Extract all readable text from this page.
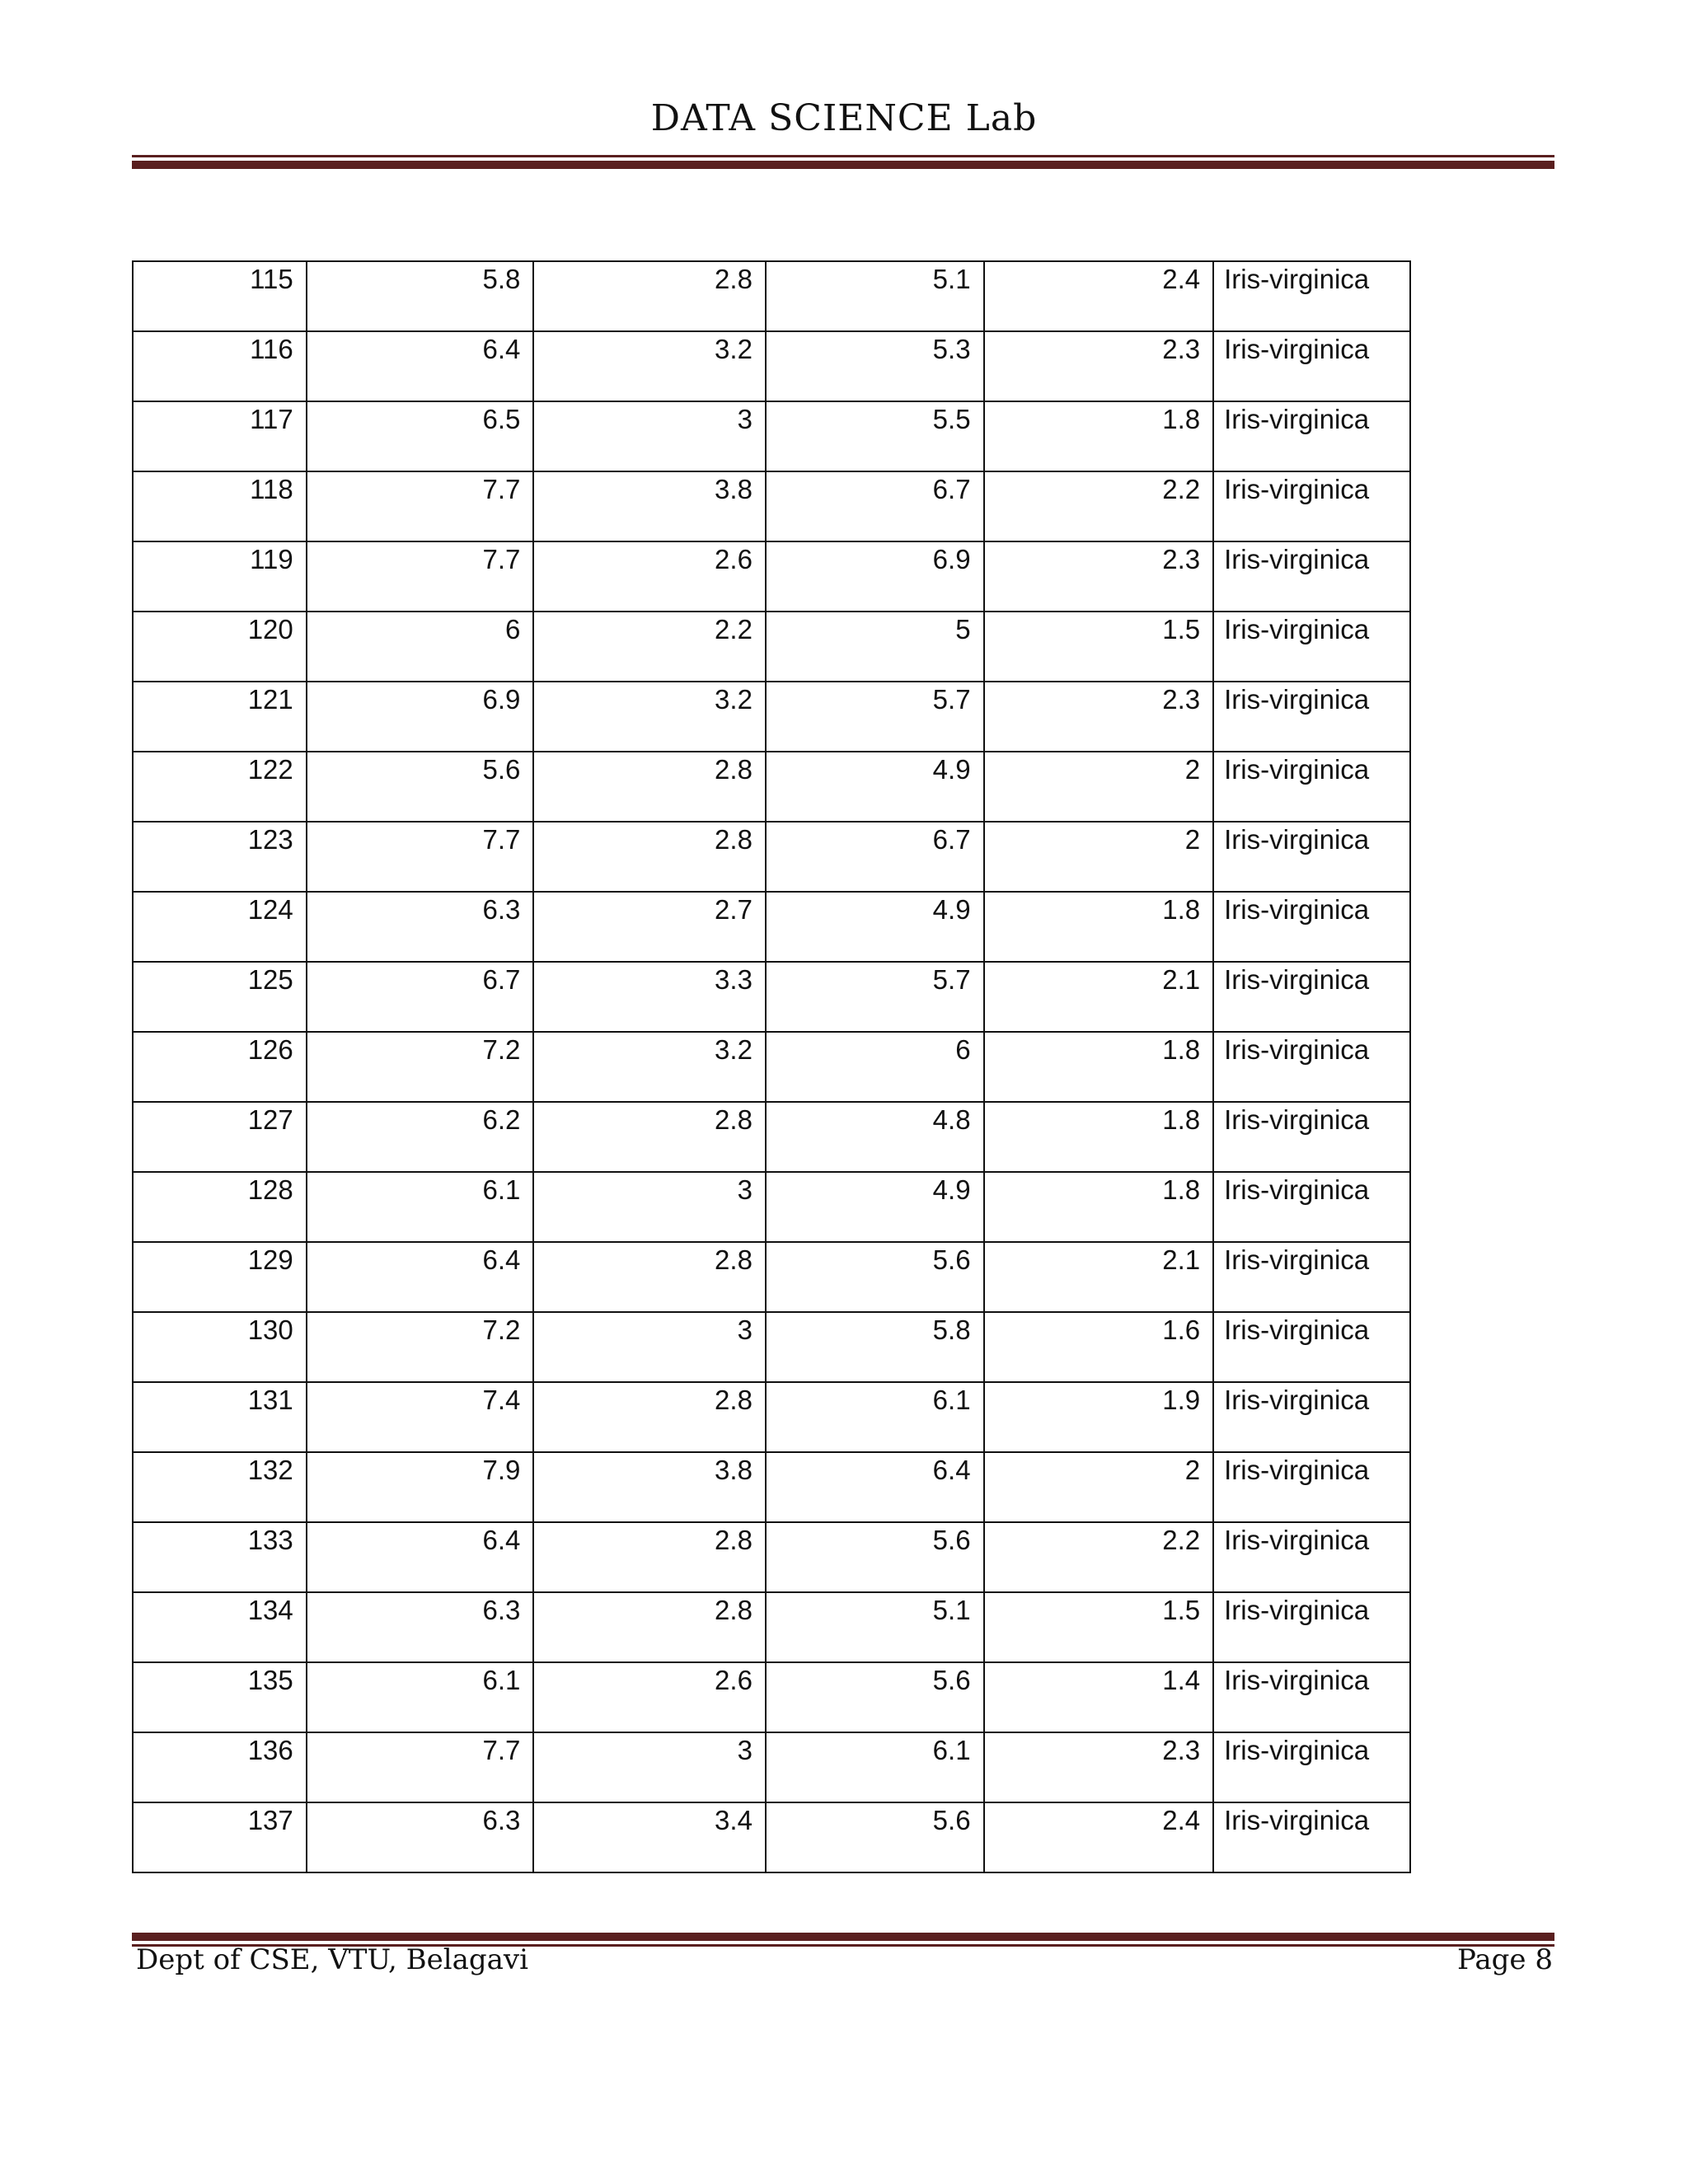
DATA SCIENCE Lab
115	5.8	2.8	5.1	2.4	Iris-virginica
116	6.4	3.2	5.3	2.3	Iris-virginica
117	6.5	3	5.5	1.8	Iris-virginica
118	7.7	3.8	6.7	2.2	Iris-virginica
119	7.7	2.6	6.9	2.3	Iris-virginica
120	6	2.2	5	1.5	Iris-virginica
121	6.9	3.2	5.7	2.3	Iris-virginica
122	5.6	2.8	4.9	2	Iris-virginica
123	7.7	2.8	6.7	2	Iris-virginica
124	6.3	2.7	4.9	1.8	Iris-virginica
125	6.7	3.3	5.7	2.1	Iris-virginica
126	7.2	3.2	6	1.8	Iris-virginica
127	6.2	2.8	4.8	1.8	Iris-virginica
128	6.1	3	4.9	1.8	Iris-virginica
129	6.4	2.8	5.6	2.1	Iris-virginica
130	7.2	3	5.8	1.6	Iris-virginica
131	7.4	2.8	6.1	1.9	Iris-virginica
132	7.9	3.8	6.4	2	Iris-virginica
133	6.4	2.8	5.6	2.2	Iris-virginica
134	6.3	2.8	5.1	1.5	Iris-virginica
135	6.1	2.6	5.6	1.4	Iris-virginica
136	7.7	3	6.1	2.3	Iris-virginica
137	6.3	3.4	5.6	2.4	Iris-virginica
Dept of CSE, VTU, Belagavi	Page 8
